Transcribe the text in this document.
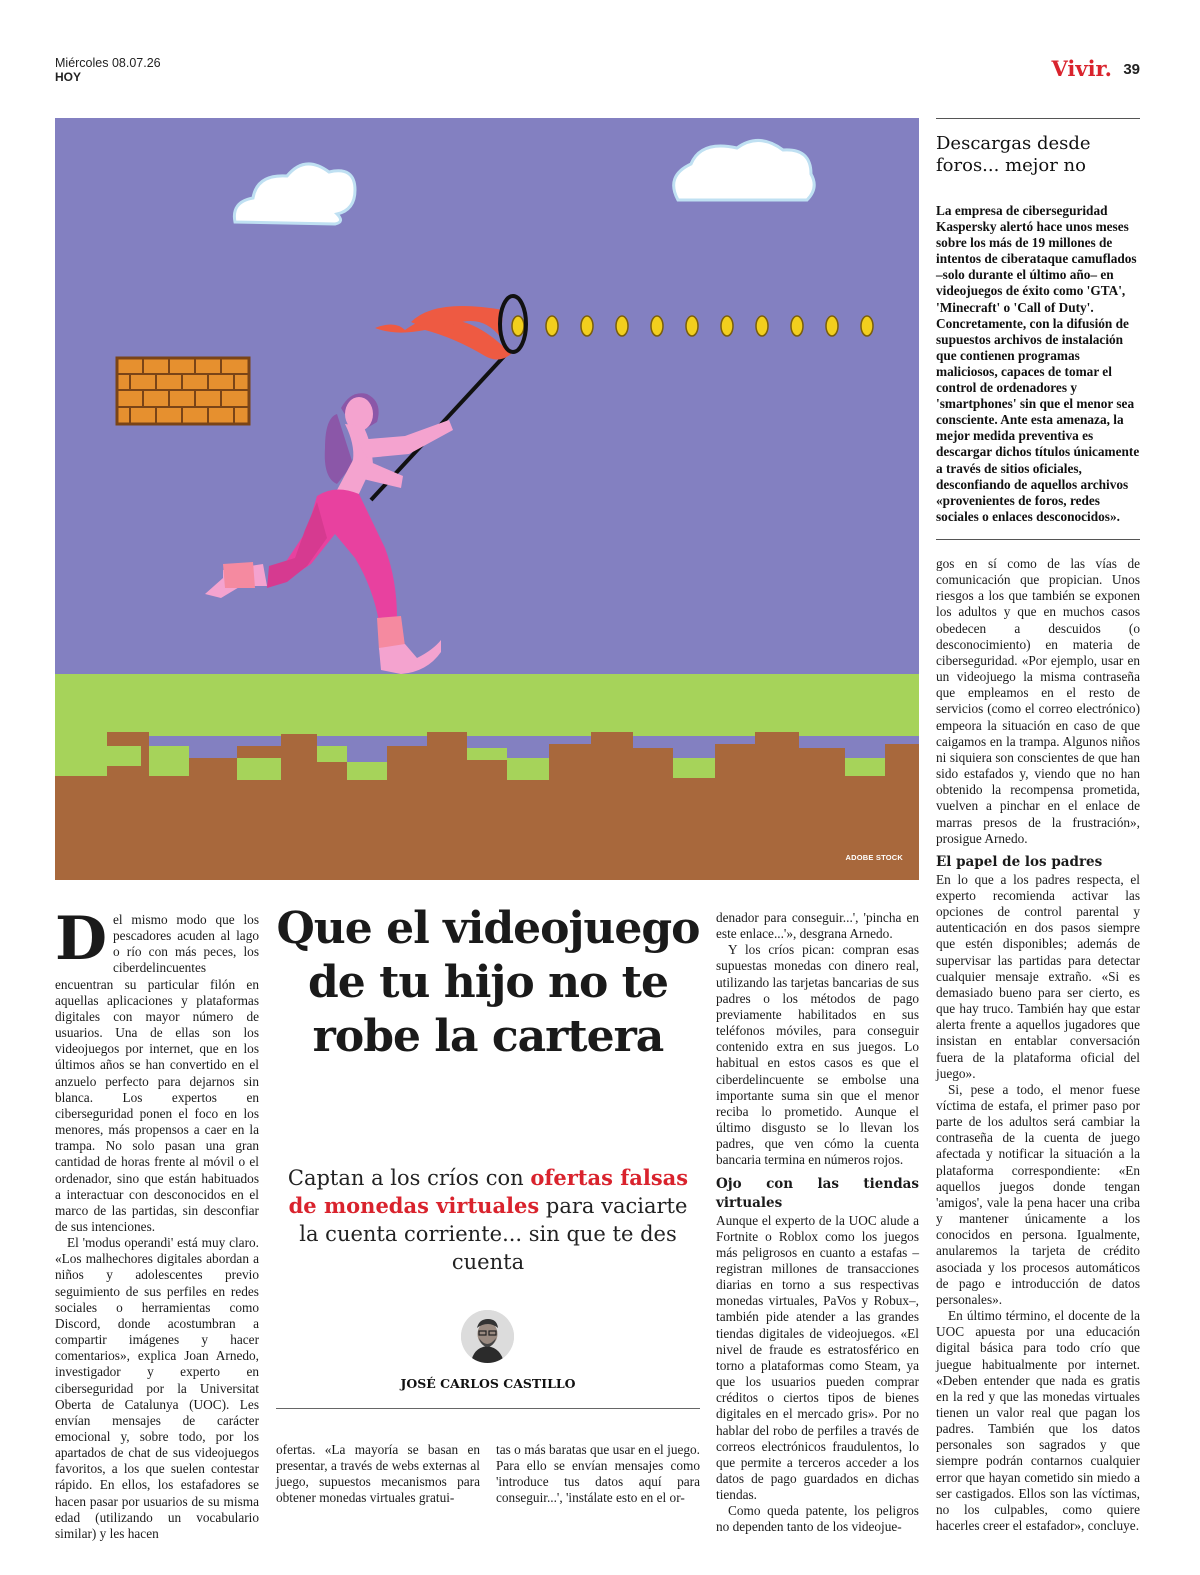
Miércoles 08.07.26
HOY	Vivir. 39
ADOBE STOCK
Descargas desde foros... mejor no
La empresa de ciberseguridad Kaspersky alertó hace unos meses sobre los más de 19 millones de intentos de ciberataque camuflados –solo durante el último año– en videojuegos de éxito como 'GTA', 'Minecraft' o 'Call of Duty'. Concretamente, con la difusión de supuestos archivos de instalación que contienen programas maliciosos, capaces de tomar el control de ordenadores y 'smartphones' sin que el menor sea consciente. Ante esta amenaza, la mejor medida preventiva es descargar dichos títulos únicamente a través de sitios oficiales, desconfiando de aquellos archivos «provenientes de foros, redes sociales o enlaces desconocidos».
Que el videojuego de tu hijo no te robe la cartera
Captan a los críos con ofertas falsas de monedas virtuales para vaciarte la cuenta corriente... sin que te des cuenta
JOSÉ CARLOS CASTILLO

Del mismo modo que los pescadores acuden al lago o río con más peces, los ciberdelincuentes encuentran su particular filón en aquellas aplicaciones y plataformas digitales con mayor número de usuarios. Una de ellas son los videojuegos por internet, que en los últimos años se han convertido en el anzuelo perfecto para dejarnos sin blanca. Los expertos en ciberseguridad ponen el foco en los menores, más propensos a caer en la trampa. No solo pasan una gran cantidad de horas frente al móvil o el ordenador, sino que están habituados a interactuar con desconocidos en el marco de las partidas, sin desconfiar de sus intenciones.

El 'modus operandi' está muy claro. «Los malhechores digitales abordan a niños y adolescentes previo seguimiento de sus perfiles en redes sociales o herramientas como Discord, donde acostumbran a compartir imágenes y hacer comentarios», explica Joan Arnedo, investigador y experto en ciberseguridad por la Universitat Oberta de Catalunya (UOC). Les envían mensajes de carácter emocional y, sobre todo, por los apartados de chat de sus videojuegos favoritos, a los que suelen contestar rápido. En ellos, los estafadores se hacen pasar por usuarios de su misma edad (utilizando un vocabulario similar) y les hacen

ofertas. «La mayoría se basan en presentar, a través de webs externas al juego, supuestos mecanismos para obtener monedas virtuales gratui-

tas o más baratas que usar en el juego. Para ello se envían mensajes como 'introduce tus datos aquí para conseguir...', 'instálate esto en el or-

denador para conseguir...', 'pincha en este enlace...'», desgrana Arnedo.

Y los críos pican: compran esas supuestas monedas con dinero real, utilizando las tarjetas bancarias de sus padres o los métodos de pago previamente habilitados en sus teléfonos móviles, para conseguir contenido extra en sus juegos. Lo habitual en estos casos es que el ciberdelincuente se embolse una importante suma sin que el menor reciba lo prometido. Aunque el último disgusto se lo llevan los padres, que ven cómo la cuenta bancaria termina en números rojos.

Ojo con las tiendas virtuales

Aunque el experto de la UOC alude a Fortnite o Roblox como los juegos más peligrosos en cuanto a estafas –registran millones de transacciones diarias en torno a sus respectivas monedas virtuales, PaVos y Robux–, también pide atender a las grandes tiendas digitales de videojuegos. «El nivel de fraude es estratosférico en torno a plataformas como Steam, ya que los usuarios pueden comprar créditos o ciertos tipos de bienes digitales en el mercado gris». Por no hablar del robo de perfiles a través de correos electrónicos fraudulentos, lo que permite a terceros acceder a los datos de pago guardados en dichas tiendas.

Como queda patente, los peligros no dependen tanto de los videojue-

gos en sí como de las vías de comunicación que propician. Unos riesgos a los que también se exponen los adultos y que en muchos casos obedecen a descuidos (o desconocimiento) en materia de ciberseguridad. «Por ejemplo, usar en un videojuego la misma contraseña que empleamos en el resto de servicios (como el correo electrónico) empeora la situación en caso de que caigamos en la trampa. Algunos niños ni siquiera son conscientes de que han sido estafados y, viendo que no han obtenido la recompensa prometida, vuelven a pinchar en el enlace de marras presos de la frustración», prosigue Arnedo.

El papel de los padres

En lo que a los padres respecta, el experto recomienda activar las opciones de control parental y autenticación en dos pasos siempre que estén disponibles; además de supervisar las partidas para detectar cualquier mensaje extraño. «Si es demasiado bueno para ser cierto, es que hay truco. También hay que estar alerta frente a aquellos jugadores que insistan en entablar conversación fuera de la plataforma oficial del juego».

Si, pese a todo, el menor fuese víctima de estafa, el primer paso por parte de los adultos será cambiar la contraseña de la cuenta de juego afectada y notificar la situación a la plataforma correspondiente: «En aquellos juegos donde tengan 'amigos', vale la pena hacer una criba y mantener únicamente a los conocidos en persona. Igualmente, anularemos la tarjeta de crédito asociada y los procesos automáticos de pago e introducción de datos personales».

En último término, el docente de la UOC apuesta por una educación digital básica para todo crío que juegue habitualmente por internet. «Deben entender que nada es gratis en la red y que las monedas virtuales tienen un valor real que pagan los padres. También que los datos personales son sagrados y que siempre podrán contarnos cualquier error que hayan cometido sin miedo a ser castigados. Ellos son las víctimas, no los culpables, como quiere hacerles creer el estafador», concluye.
